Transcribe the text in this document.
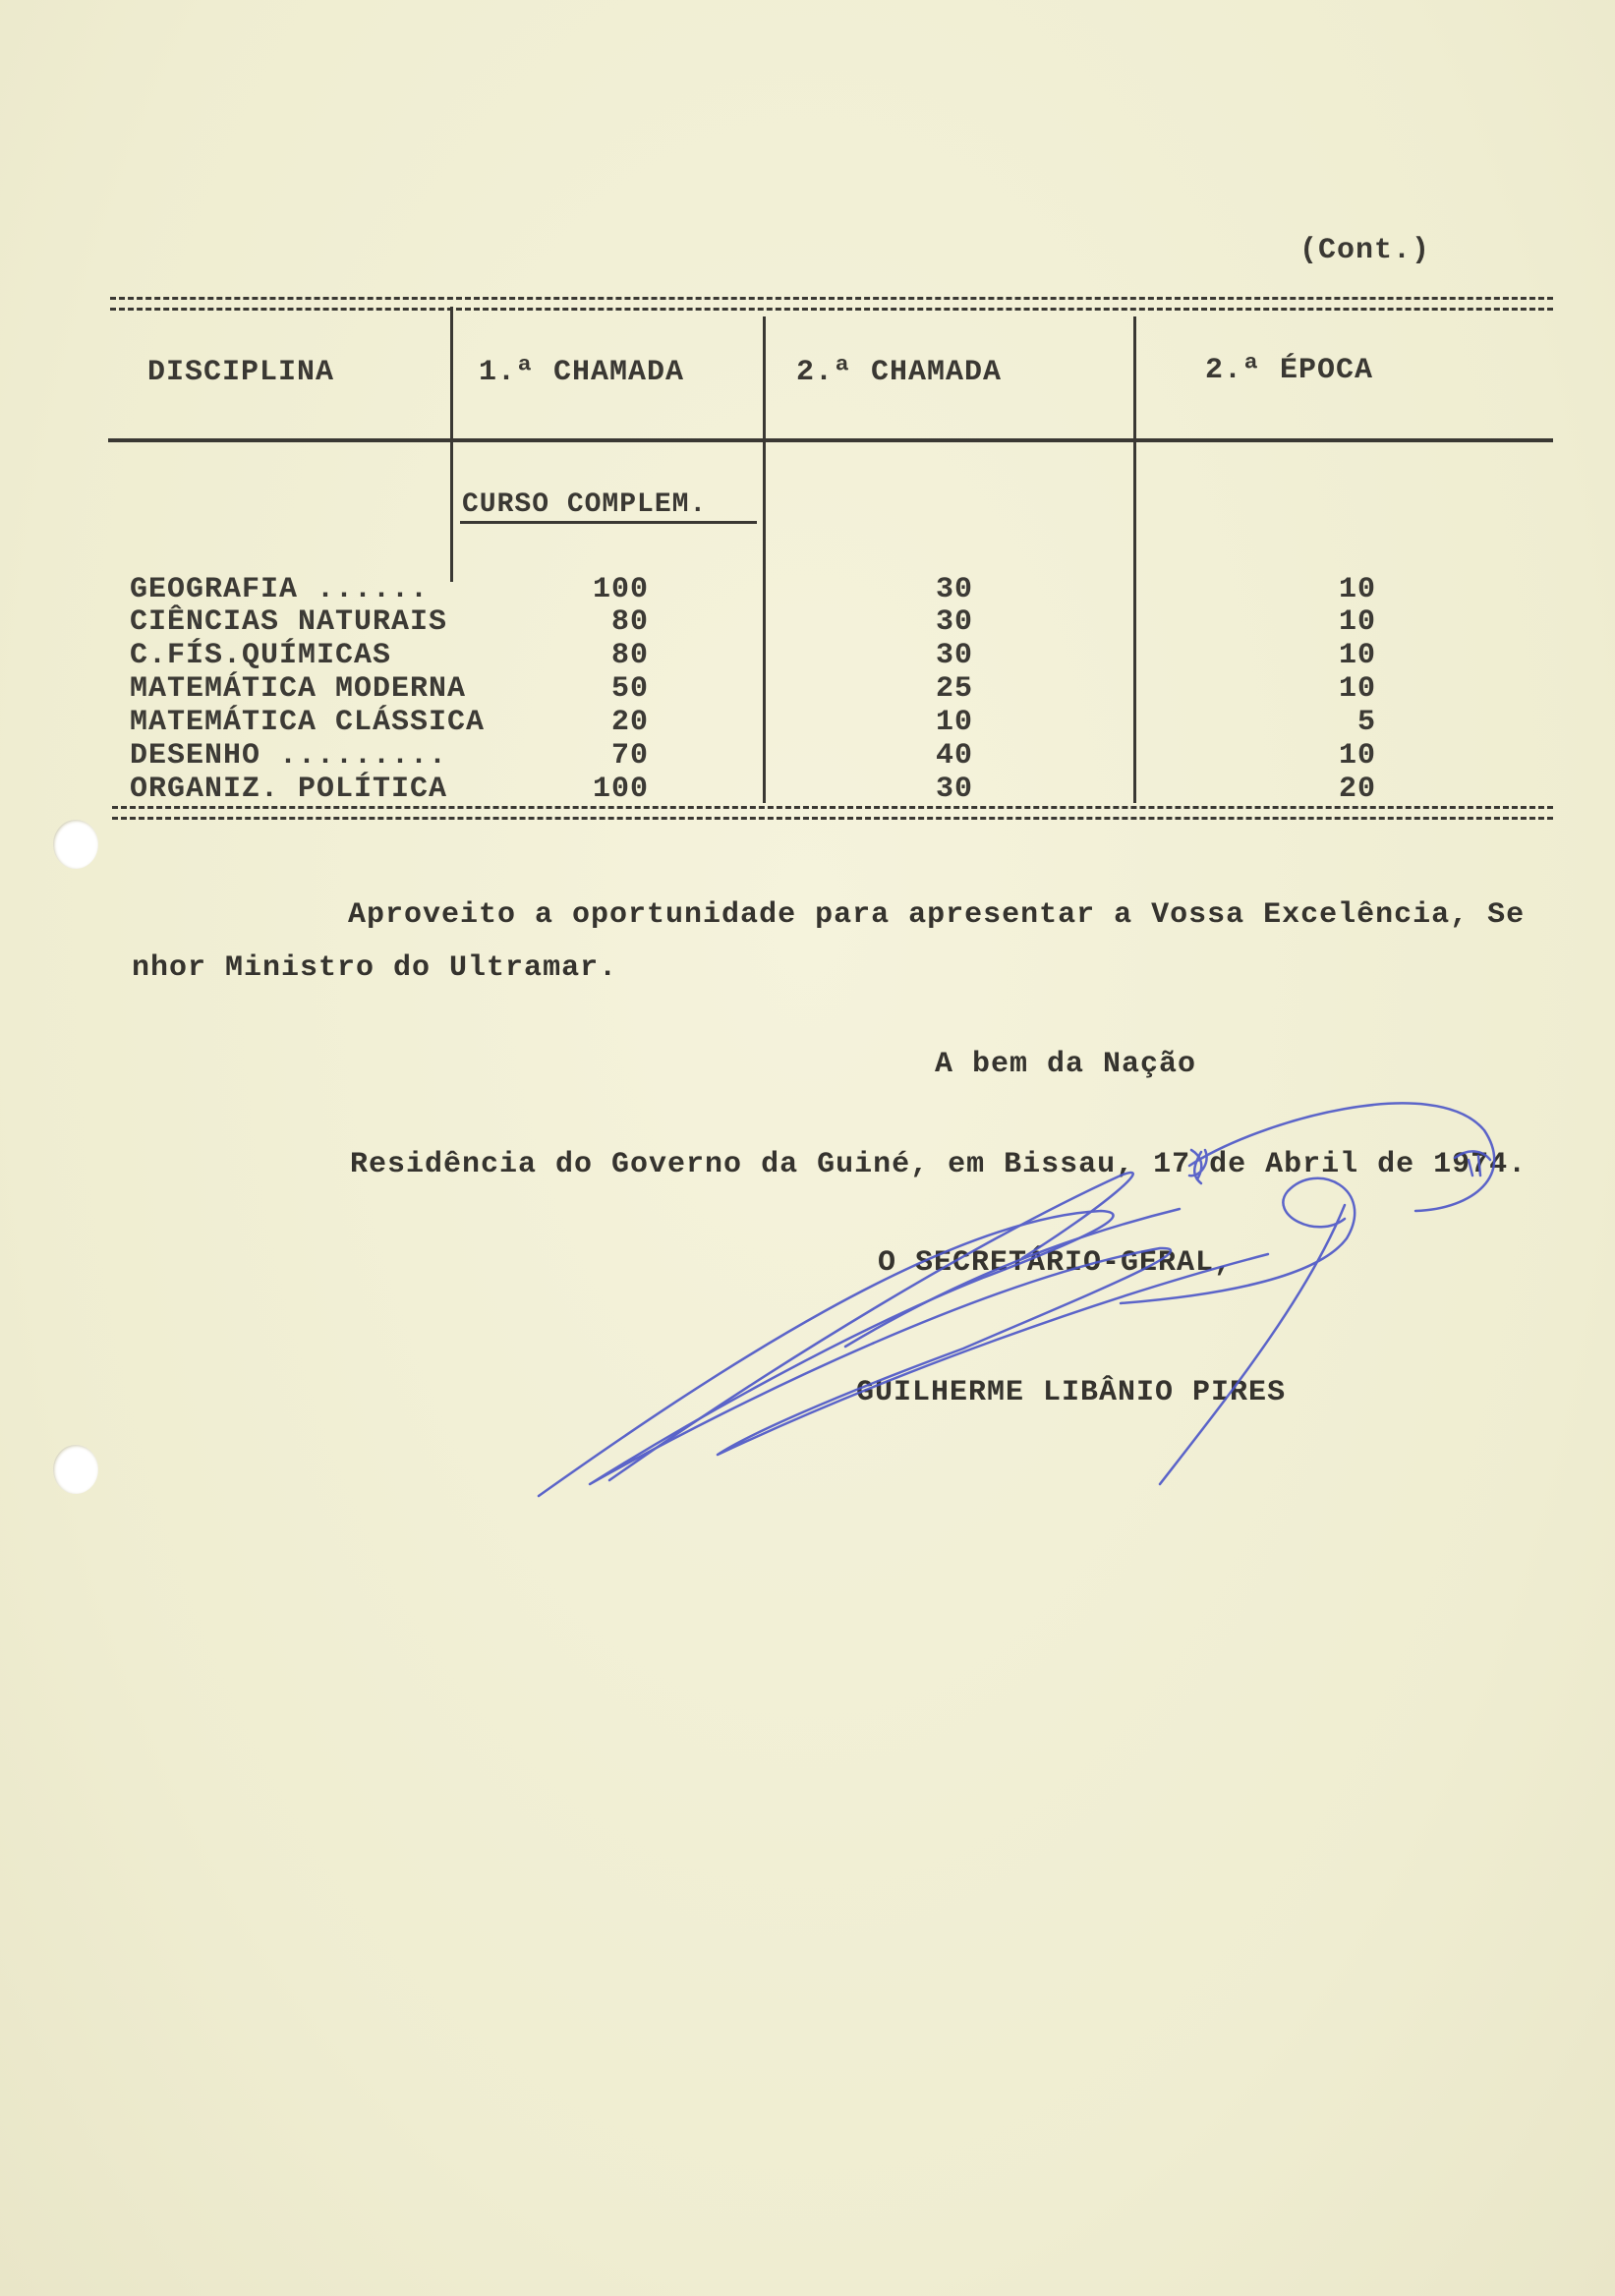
(Cont.)
DISCIPLINA	1.ª CHAMADA	2.ª CHAMADA	2.ª ÉPOCA
CURSO COMPLEM.
GEOGRAFIA ......	100	30	10
CIÊNCIAS NATURAIS	80	30	10
C.FÍS.QUÍMICAS	80	30	10
MATEMÁTICA MODERNA	50	25	10
MATEMÁTICA CLÁSSICA	20	10	5
DESENHO .........	70	40	10
ORGANIZ. POLÍTICA	100	30	20
Aproveito a oportunidade para apresentar a Vossa Excelência, Se
nhor Ministro do Ultramar.
A bem da Nação
Residência do Governo da Guiné, em Bissau, 17 de Abril de 1974.
O SECRETÁRIO-GERAL,
GUILHERME LIBÂNIO PIRES
